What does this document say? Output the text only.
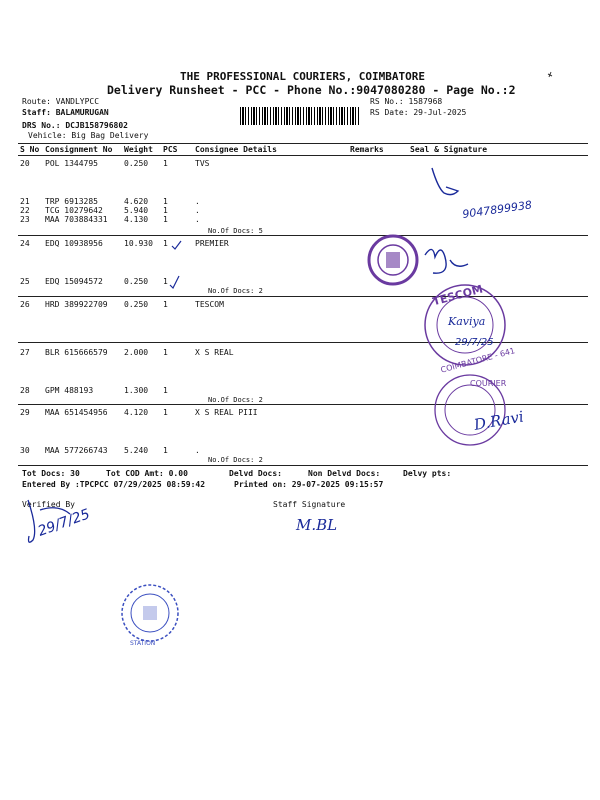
THE PROFESSIONAL COURIERS, COIMBATORE
Delivery Runsheet - PCC - Phone No.:9047080280 - Page No.:2
Route: VANDLYPCC
Staff: BALAMURUGAN
DRS No.: DCJB158796802
Vehicle: Big Bag Delivery
RS No.: 1587968
RS Date: 29-Jul-2025
S No Consignment No Weight PCS Consignee Details	Remarks	Seal & Signature
20 POL 1344795	0.250 1	TVS
21 TRP 6913285	4.620 1	.
22 TCG 10279642	5.940 1	.
23 MAA 703884331 4.130 1	.
No.Of Docs: 5
24 EDQ 10938956	10.930 1	PREMIER
25 EDQ 15094572	0.250 1
No.Of Docs: 2
26 HRD 389922709 0.250 1	TESCOM
27 BLR 615666579 2.000 1	X S REAL
28 GPM 488193	1.300 1
No.Of Docs: 2
29 MAA 651454956 4.120 1	X S REAL PIII
30 MAA 577266743 5.240 1	.
No.Of Docs: 2
Tot Docs: 30	Tot COD Amt: 0.00	Delvd Docs:	Non Delvd Docs:	Delvy pts:
Entered By :TPCPCC 07/29/2025 08:59:42	Printed on: 29-07-2025 09:15:57
Verified By	Staff Signature
9047899938
TESCOM
COIMBATORE - 641
Kaviya
29/7/25
COURIER
D.Ravi
29/7/25	M.BL
STATION
